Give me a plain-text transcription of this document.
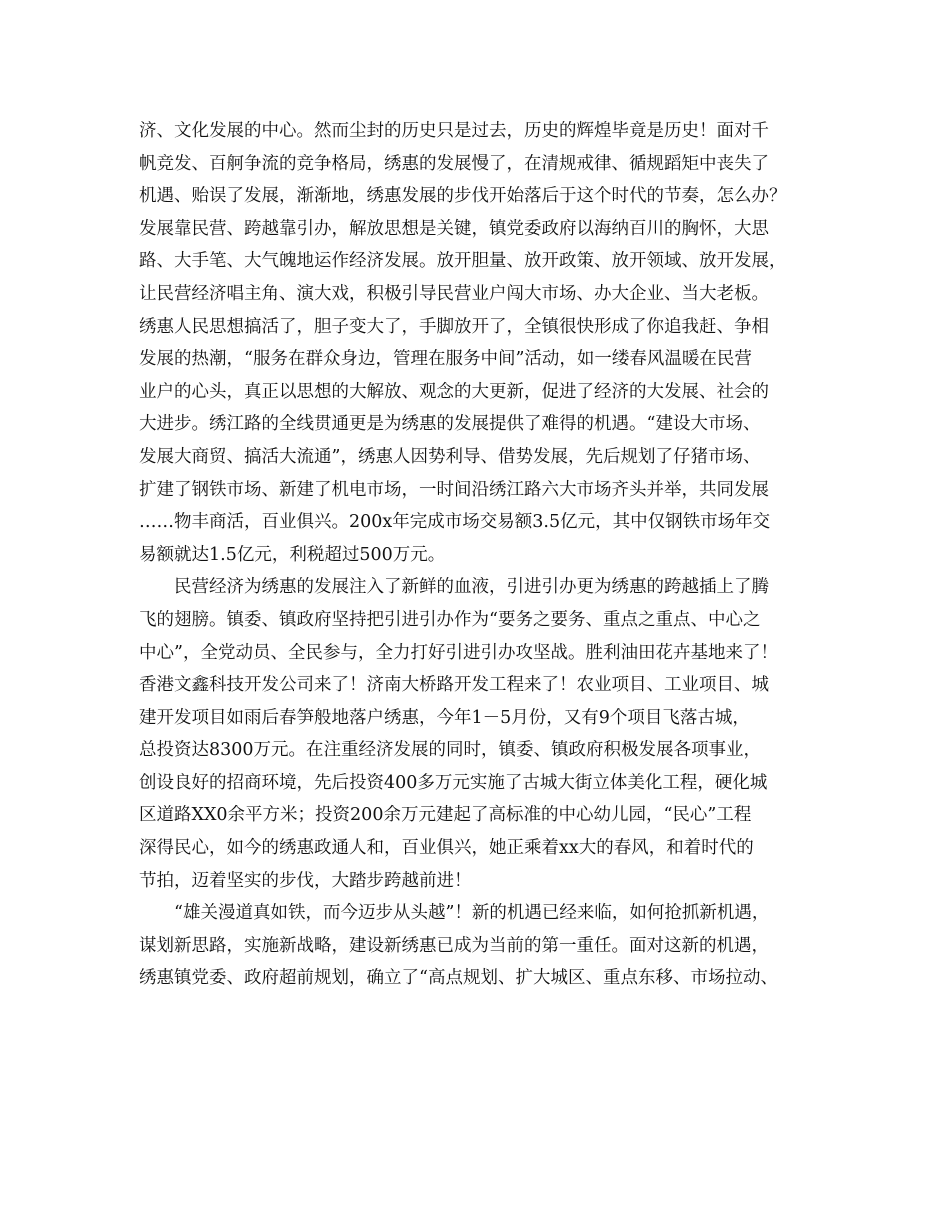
济、文化发展的中心。然而尘封的历史只是过去，历史的辉煌毕竟是历史！面对千
帆竞发、百舸争流的竞争格局，绣惠的发展慢了，在清规戒律、循规蹈矩中丧失了
机遇、贻误了发展，渐渐地，绣惠发展的步伐开始落后于这个时代的节奏，怎么办？
发展靠民营、跨越靠引办，解放思想是关键，镇党委政府以海纳百川的胸怀，大思
路、大手笔、大气魄地运作经济发展。放开胆量、放开政策、放开领域、放开发展，
让民营经济唱主角、演大戏，积极引导民营业户闯大市场、办大企业、当大老板。
绣惠人民思想搞活了，胆子变大了，手脚放开了，全镇很快形成了你追我赶、争相
发展的热潮，“服务在群众身边，管理在服务中间”活动，如一缕春风温暖在民营
业户的心头，真正以思想的大解放、观念的大更新，促进了经济的大发展、社会的
大进步。绣江路的全线贯通更是为绣惠的发展提供了难得的机遇。“建设大市场、
发展大商贸、搞活大流通”，绣惠人因势利导、借势发展，先后规划了仔猪市场、
扩建了钢铁市场、新建了机电市场，一时间沿绣江路六大市场齐头并举，共同发展
……物丰商活，百业俱兴。200x年完成市场交易额3.5亿元，其中仅钢铁市场年交
易额就达1.5亿元，利税超过500万元。
民营经济为绣惠的发展注入了新鲜的血液，引进引办更为绣惠的跨越插上了腾
飞的翅膀。镇委、镇政府坚持把引进引办作为“要务之要务、重点之重点、中心之
中心”，全党动员、全民参与，全力打好引进引办攻坚战。胜利油田花卉基地来了！
香港文鑫科技开发公司来了！济南大桥路开发工程来了！农业项目、工业项目、城
建开发项目如雨后春笋般地落户绣惠，今年1－5月份，又有9个项目飞落古城，
总投资达8300万元。在注重经济发展的同时，镇委、镇政府积极发展各项事业，
创设良好的招商环境，先后投资400多万元实施了古城大街立体美化工程，硬化城
区道路XX0余平方米；投资200余万元建起了高标准的中心幼儿园，“民心”工程
深得民心，如今的绣惠政通人和，百业俱兴，她正乘着xx大的春风，和着时代的
节拍，迈着坚实的步伐，大踏步跨越前进！
“雄关漫道真如铁，而今迈步从头越”！新的机遇已经来临，如何抢抓新机遇，
谋划新思路，实施新战略，建设新绣惠已成为当前的第一重任。面对这新的机遇，
绣惠镇党委、政府超前规划，确立了“高点规划、扩大城区、重点东移、市场拉动、
